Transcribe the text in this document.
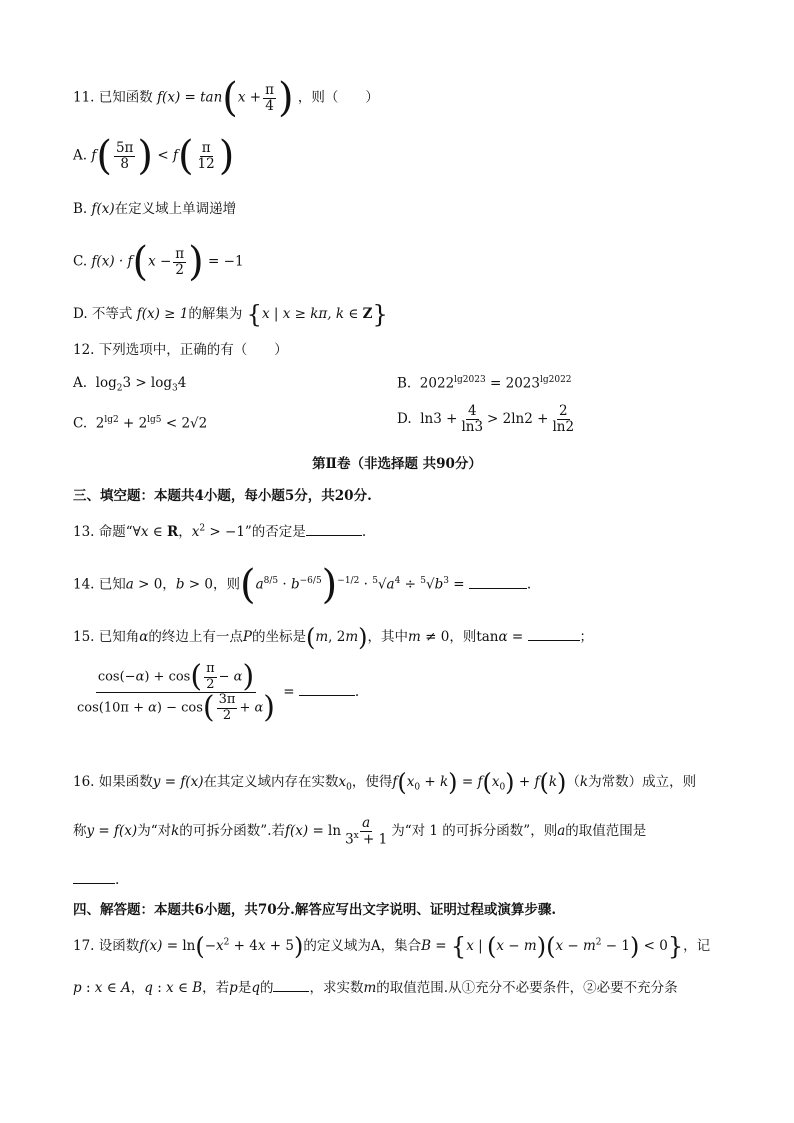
11. 已知函数 $f(x) = \tan(x + \frac{\pi}{4}$ ) ，则（　　）
A. $f( \frac{5\pi}{8}$ ) < $f( \frac{\pi}{12}$ )
B. f(x)在定义域上单调递增
C. $f(x) \cdot f(x - \frac{\pi}{2}$ ) = −1
D. 不等式 f(x) ≥ 1的解集为 {x | x ≥ kπ, k ∈ Z}
12. 下列选项中，正确的有（　　）
A.  $\log_23 > \log_34$	B.  $2022^{lg2023} = 2023^{lg2022}$
C.  $2^{lg2} + 2^{lg5} < 2√2$	D.  $\ln 3 + \frac{4}{\ln 3} > 2\ln 2 + \frac{2}{\ln 2}$
第Ⅱ卷（非选择题 共90分）
三、填空题：本题共4小题，每小题5分，共20分.
13. 命题“∀x ∈ R，$x^2 > -1$”的否定是	.
14. 已知a > 0，b > 0，则$(a^{8/5} \cdot b^{-6/5})^{-1/2} \cdot ^5√a^4 \div ^5√b^3$ =	.
15. 已知角α的终边上有一点P的坐标是(m, 2m)，其中m ≠ 0，则tanα =	；
$\frac{\cos(-\alpha) + \cos( \frac{\pi}{2} - \alpha)}{\cos(10\pi + \alpha) - \cos( \frac{3\pi}{2} + \alpha)}$ =	.
16. 如果函数y = f(x)在其定义域内存在实数$x_0$，使得$f(x_0 + k) = f(x_0) + f(k)(k$为常数）成立，则
称y = f(x)为“对k的可拆分函数”.若$f(x) = \ln \frac{a}{3^x + 1}$ 为“对 1 的可拆分函数”，则a的取值范围是
.
四、解答题：本题共6小题，共70分.解答应写出文字说明、证明过程或演算步骤.
17. 设函数$f(x) = \ln(-x^2 + 4x + 5)$的定义域为A，集合B = {x | $(x - m)(x - m^2 - 1) < 0$}，记
p : x ∈ A，q : x ∈ B，若p是q的	，求实数m的取值范围.从①充分不必要条件，②必要不充分条
